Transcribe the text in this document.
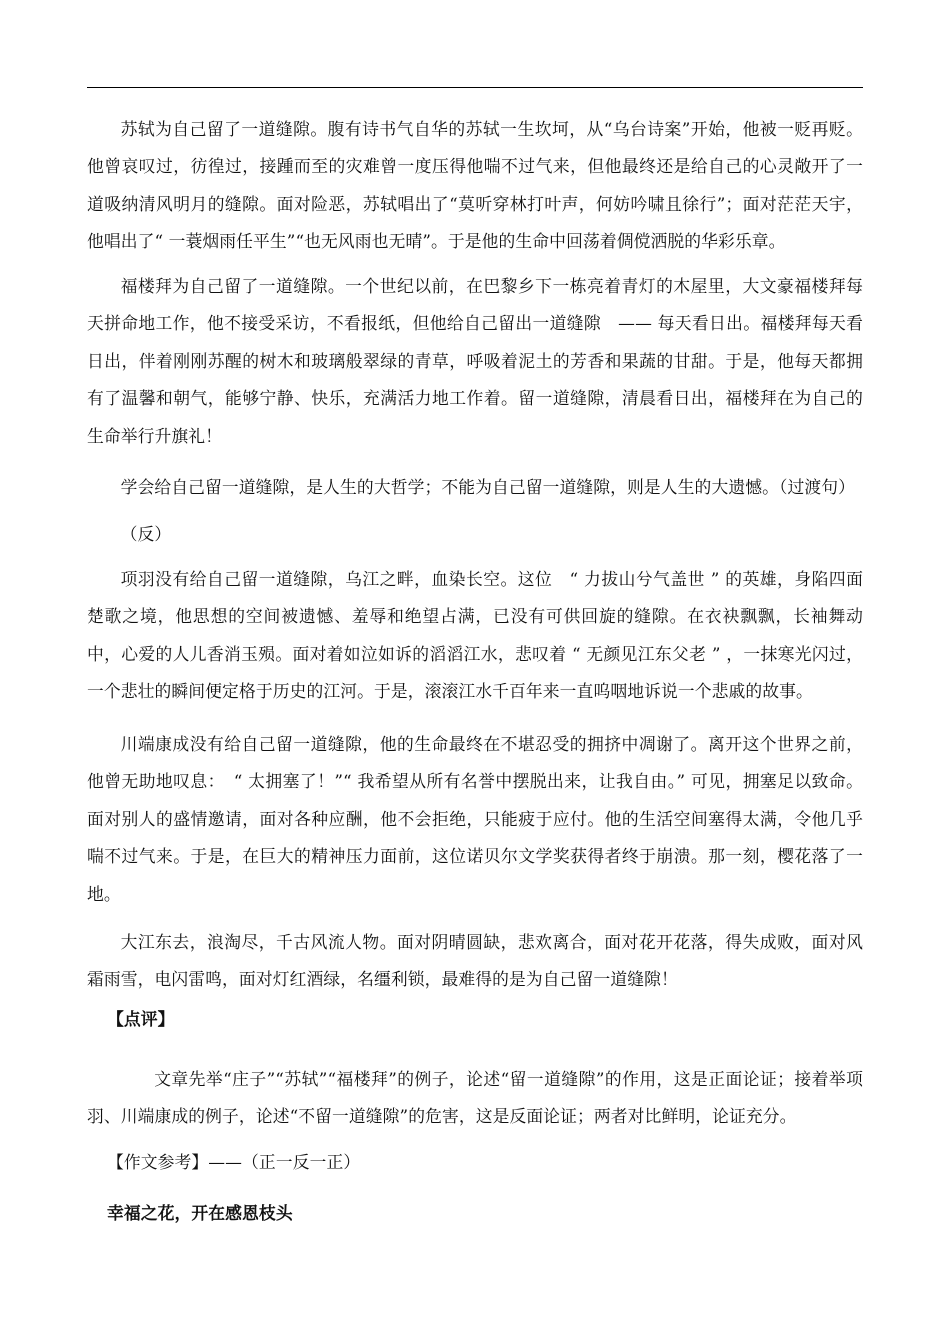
苏轼为自己留了一道缝隙。腹有诗书气自华的苏轼一生坎坷，从“乌台诗案”开始，他被一贬再贬。他曾哀叹过，彷徨过，接踵而至的灾难曾一度压得他喘不过气来，但他最终还是给自己的心灵敞开了一道吸纳清风明月的缝隙。面对险恶，苏轼唱出了“莫听穿林打叶声，何妨吟啸且徐行”；面对茫茫天宇，他唱出了“ 一蓑烟雨任平生”“也无风雨也无晴”。于是他的生命中回荡着倜傥洒脱的华彩乐章。

福楼拜为自己留了一道缝隙。一个世纪以前，在巴黎乡下一栋亮着青灯的木屋里，大文豪福楼拜每天拼命地工作，他不接受采访，不看报纸，但他给自己留出一道缝隙　—— 每天看日出。福楼拜每天看日出，伴着刚刚苏醒的树木和玻璃般翠绿的青草，呼吸着泥土的芳香和果蔬的甘甜。于是，他每天都拥有了温馨和朝气，能够宁静、快乐，充满活力地工作着。留一道缝隙，清晨看日出，福楼拜在为自己的生命举行升旗礼！

学会给自己留一道缝隙，是人生的大哲学；不能为自己留一道缝隙，则是人生的大遗憾。（过渡句）

（反）

项羽没有给自己留一道缝隙，乌江之畔，血染长空。这位　“ 力拔山兮气盖世 ” 的英雄，身陷四面楚歌之境，他思想的空间被遗憾、羞辱和绝望占满，已没有可供回旋的缝隙。在衣袂飘飘，长袖舞动中，心爱的人儿香消玉殒。面对着如泣如诉的滔滔江水，悲叹着 “ 无颜见江东父老 ” ，一抹寒光闪过，一个悲壮的瞬间便定格于历史的江河。于是，滚滚江水千百年来一直呜咽地诉说一个悲戚的故事。

川端康成没有给自己留一道缝隙，他的生命最终在不堪忍受的拥挤中凋谢了。离开这个世界之前，他曾无助地叹息：　“ 太拥塞了！”“ 我希望从所有名誉中摆脱出来，让我自由。” 可见，拥塞足以致命。面对别人的盛情邀请，面对各种应酬，他不会拒绝，只能疲于应付。他的生活空间塞得太满，令他几乎喘不过气来。于是，在巨大的精神压力面前，这位诺贝尔文学奖获得者终于崩溃。那一刻，樱花落了一地。

大江东去，浪淘尽，千古风流人物。面对阴晴圆缺，悲欢离合，面对花开花落，得失成败，面对风霜雨雪，电闪雷鸣，面对灯红酒绿，名缰利锁，最难得的是为自己留一道缝隙！

【点评】

文章先举“庄子”“苏轼”“福楼拜”的例子，论述“留一道缝隙”的作用，这是正面论证；接着举项羽、川端康成的例子，论述“不留一道缝隙”的危害，这是反面论证；两者对比鲜明，论证充分。

【作文参考】——（正一反一正）

幸福之花，开在感恩枝头
